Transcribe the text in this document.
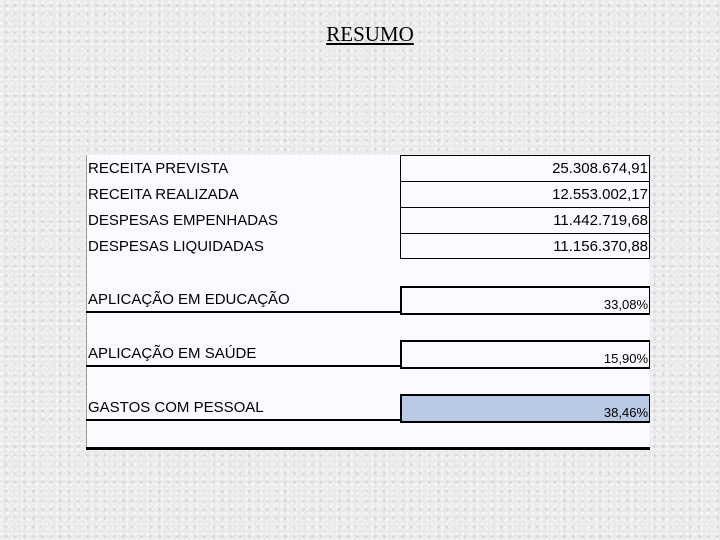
RESUMO
RECEITA PREVISTA	25.308.674,91
RECEITA REALIZADA	12.553.002,17
DESPESAS EMPENHADAS	11.442.719,68
DESPESAS LIQUIDADAS	11.156.370,88
APLICAÇÃO EM EDUCAÇÃO	33,08%
APLICAÇÃO EM SAÚDE	15,90%
GASTOS COM PESSOAL	38,46%
